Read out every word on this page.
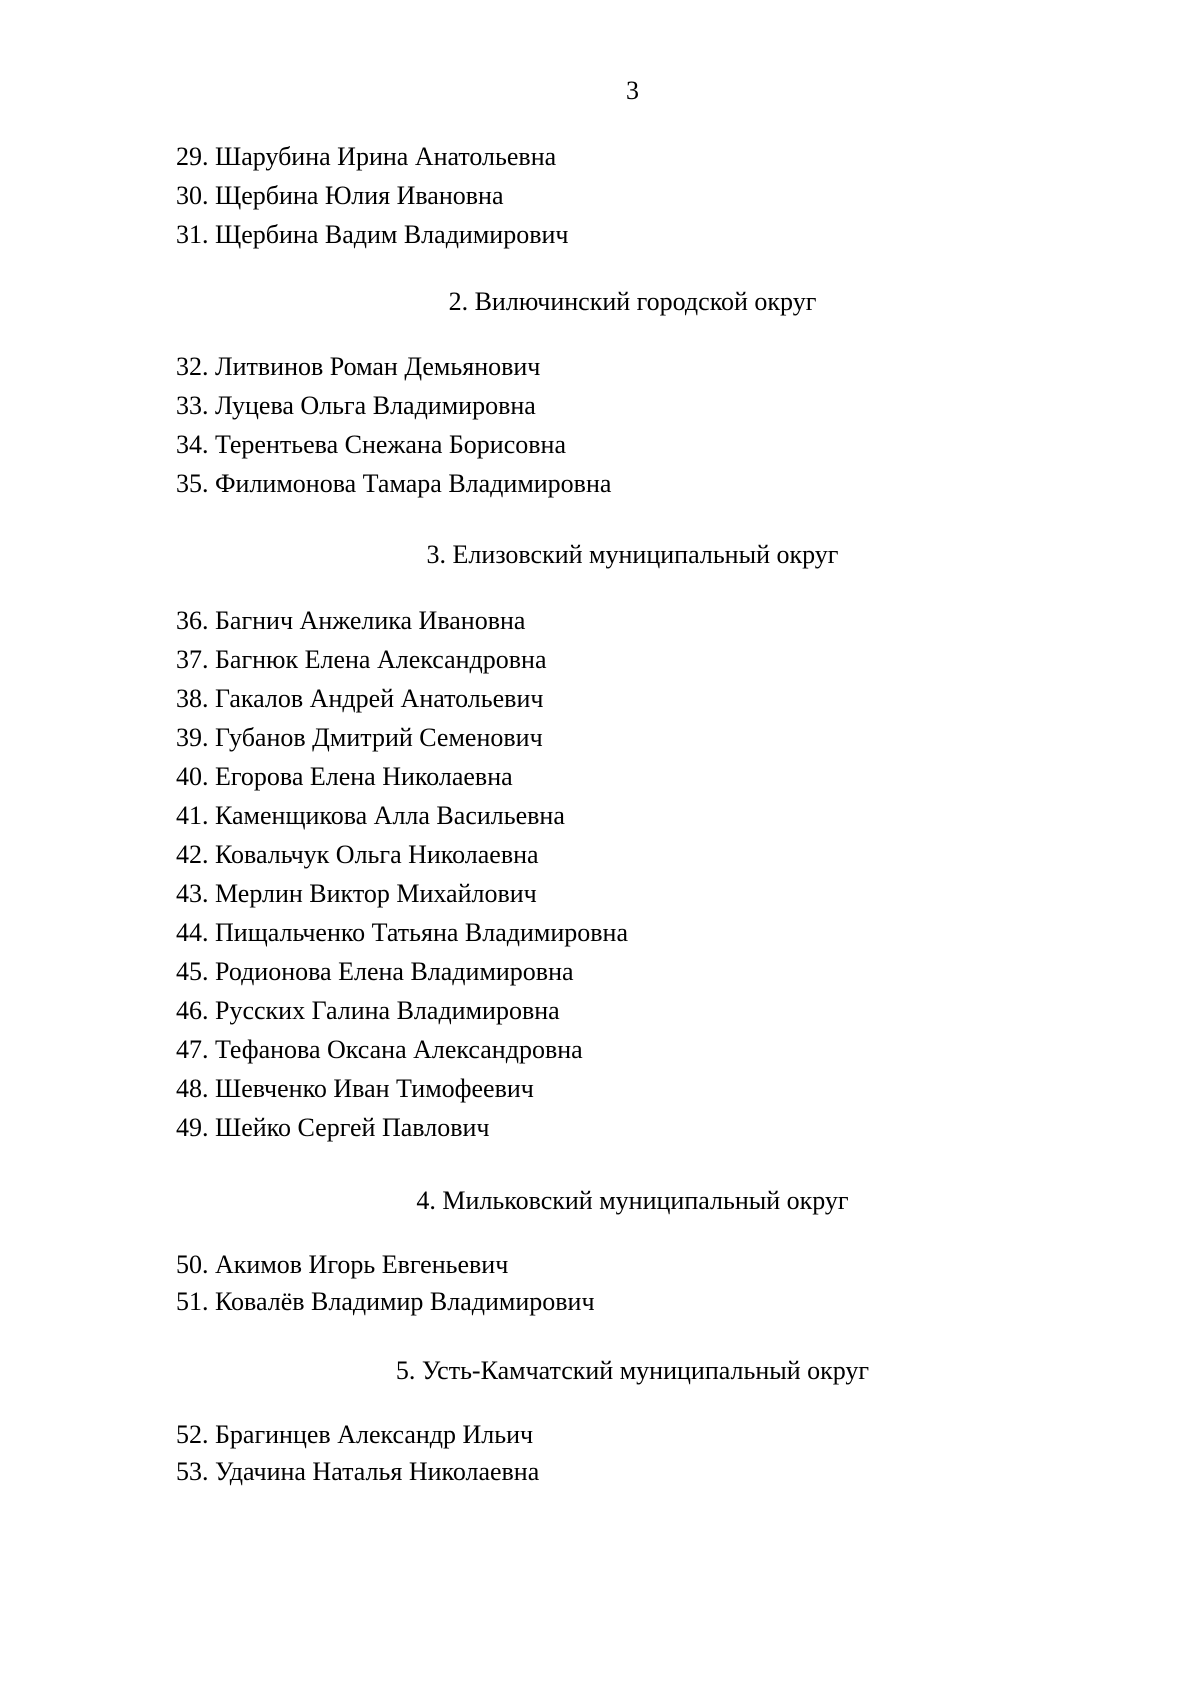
3
29. Шарубина Ирина Анатольевна
30. Щербина Юлия Ивановна
31. Щербина Вадим Владимирович
2. Вилючинский городской округ
32. Литвинов Роман Демьянович
33. Луцева Ольга Владимировна
34. Терентьева Снежана Борисовна
35. Филимонова Тамара Владимировна
3. Елизовский муниципальный округ
36. Багнич Анжелика Ивановна
37. Багнюк Елена Александровна
38. Гакалов Андрей Анатольевич
39. Губанов Дмитрий Семенович
40. Егорова Елена Николаевна
41. Каменщикова Алла Васильевна
42. Ковальчук Ольга Николаевна
43. Мерлин Виктор Михайлович
44. Пищальченко Татьяна Владимировна
45. Родионова Елена Владимировна
46. Русских Галина Владимировна
47. Тефанова Оксана Александровна
48. Шевченко Иван Тимофеевич
49. Шейко Сергей Павлович
4. Мильковский муниципальный округ
50. Акимов Игорь Евгеньевич
51. Ковалёв Владимир Владимирович
5. Усть-Камчатский муниципальный округ
52. Брагинцев Александр Ильич
53. Удачина Наталья Николаевна
